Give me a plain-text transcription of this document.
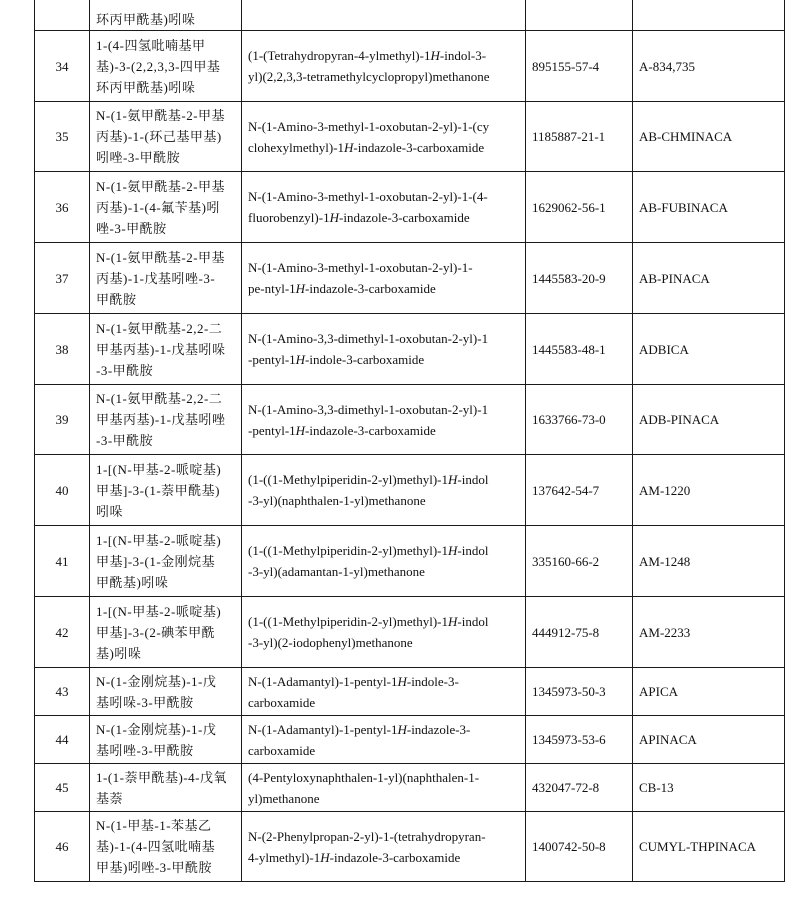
	环丙甲酰基)吲哚			

34	1-(4-四氢吡喃基甲
基)-3-(2,2,3,3-四甲基
环丙甲酰基)吲哚	(1-(Tetrahydropyran-4-ylmethyl)-1H-indol-3-
yl)(2,2,3,3-tetramethylcyclopropyl)methanone	895155-57-4	A-834,735
35	N-(1-氨甲酰基-2-甲基
丙基)-1-(环己基甲基)
吲唑-3-甲酰胺	N-(1-Amino-3-methyl-1-oxobutan-2-yl)-1-(cy
clohexylmethyl)-1H-indazole-3-carboxamide	1185887-21-1	AB-CHMINACA
36	N-(1-氨甲酰基-2-甲基
丙基)-1-(4-氟苄基)吲
唑-3-甲酰胺	N-(1-Amino-3-methyl-1-oxobutan-2-yl)-1-(4-
fluorobenzyl)-1H-indazole-3-carboxamide	1629062-56-1	AB-FUBINACA
37	N-(1-氨甲酰基-2-甲基
丙基)-1-戊基吲唑-3-
甲酰胺	N-(1-Amino-3-methyl-1-oxobutan-2-yl)-1-
pe-ntyl-1H-indazole-3-carboxamide	1445583-20-9	AB-PINACA
38	N-(1-氨甲酰基-2,2-二
甲基丙基)-1-戊基吲哚
-3-甲酰胺	N-(1-Amino-3,3-dimethyl-1-oxobutan-2-yl)-1
-pentyl-1H-indole-3-carboxamide	1445583-48-1	ADBICA
39	N-(1-氨甲酰基-2,2-二
甲基丙基)-1-戊基吲唑
-3-甲酰胺	N-(1-Amino-3,3-dimethyl-1-oxobutan-2-yl)-1
-pentyl-1H-indazole-3-carboxamide	1633766-73-0	ADB-PINACA
40	1-[(N-甲基-2-哌啶基)
甲基]-3-(1-萘甲酰基)
吲哚	(1-((1-Methylpiperidin-2-yl)methyl)-1H-indol
-3-yl)(naphthalen-1-yl)methanone	137642-54-7	AM-1220
41	1-[(N-甲基-2-哌啶基)
甲基]-3-(1-金刚烷基
甲酰基)吲哚	(1-((1-Methylpiperidin-2-yl)methyl)-1H-indol
-3-yl)(adamantan-1-yl)methanone	335160-66-2	AM-1248
42	1-[(N-甲基-2-哌啶基)
甲基]-3-(2-碘苯甲酰
基)吲哚	(1-((1-Methylpiperidin-2-yl)methyl)-1H-indol
-3-yl)(2-iodophenyl)methanone	444912-75-8	AM-2233
43	N-(1-金刚烷基)-1-戊
基吲哚-3-甲酰胺	N-(1-Adamantyl)-1-pentyl-1H-indole-3-
carboxamide	1345973-50-3	APICA
44	N-(1-金刚烷基)-1-戊
基吲唑-3-甲酰胺	N-(1-Adamantyl)-1-pentyl-1H-indazole-3-
carboxamide	1345973-53-6	APINACA
45	1-(1-萘甲酰基)-4-戊氧
基萘	(4-Pentyloxynaphthalen-1-yl)(naphthalen-1-
yl)methanone	432047-72-8	CB-13
46	N-(1-甲基-1-苯基乙
基)-1-(4-四氢吡喃基
甲基)吲唑-3-甲酰胺	N-(2-Phenylpropan-2-yl)-1-(tetrahydropyran-
4-ylmethyl)-1H-indazole-3-carboxamide	1400742-50-8	CUMYL-THPINACA
